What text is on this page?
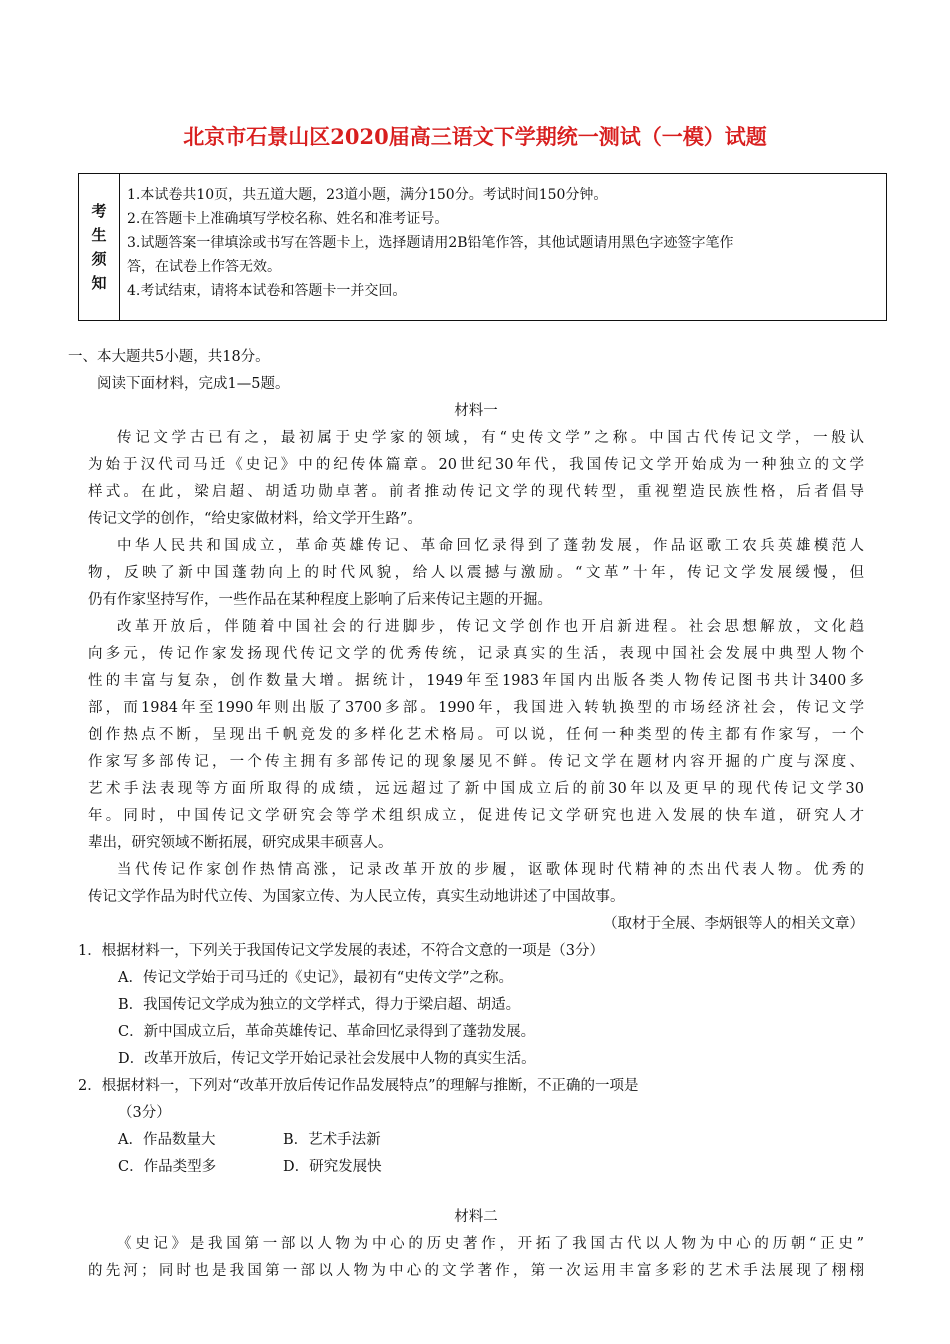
北京市石景山区2020届高三语文下学期统一测试（一模）试题
考
生
须
知
1.本试卷共10页，共五道大题，23道小题，满分150分。考试时间150分钟。
2.在答题卡上准确填写学校名称、姓名和准考证号。
3.试题答案一律填涂或书写在答题卡上，选择题请用2B铅笔作答，其他试题请用黑色字迹签字笔作
答，在试卷上作答无效。
4.考试结束，请将本试卷和答题卡一并交回。
一、本大题共5小题，共18分。
阅读下面材料，完成1—5题。
材料一
传记文学古已有之，最初属于史学家的领域，有“史传文学”之称。中国古代传记文学，一般认
为始于汉代司马迁《史记》中的纪传体篇章。20世纪30年代，我国传记文学开始成为一种独立的文学
样式。在此，梁启超、胡适功勋卓著。前者推动传记文学的现代转型，重视塑造民族性格，后者倡导
传记文学的创作，“给史家做材料，给文学开生路”。
中华人民共和国成立，革命英雄传记、革命回忆录得到了蓬勃发展，作品讴歌工农兵英雄模范人
物，反映了新中国蓬勃向上的时代风貌，给人以震撼与激励。“文革”十年，传记文学发展缓慢，但
仍有作家坚持写作，一些作品在某种程度上影响了后来传记主题的开掘。
改革开放后，伴随着中国社会的行进脚步，传记文学创作也开启新进程。社会思想解放，文化趋
向多元，传记作家发扬现代传记文学的优秀传统，记录真实的生活，表现中国社会发展中典型人物个
性的丰富与复杂，创作数量大增。据统计，1949年至1983年国内出版各类人物传记图书共计3400多
部，而1984年至1990年则出版了3700多部。1990年，我国进入转轨换型的市场经济社会，传记文学
创作热点不断，呈现出千帆竞发的多样化艺术格局。可以说，任何一种类型的传主都有作家写，一个
作家写多部传记，一个传主拥有多部传记的现象屡见不鲜。传记文学在题材内容开掘的广度与深度、
艺术手法表现等方面所取得的成绩，远远超过了新中国成立后的前30年以及更早的现代传记文学30
年。同时，中国传记文学研究会等学术组织成立，促进传记文学研究也进入发展的快车道，研究人才
辈出，研究领域不断拓展，研究成果丰硕喜人。
当代传记作家创作热情高涨，记录改革开放的步履，讴歌体现时代精神的杰出代表人物。优秀的
传记文学作品为时代立传、为国家立传、为人民立传，真实生动地讲述了中国故事。
（取材于全展、李炳银等人的相关文章）
1．根据材料一，下列关于我国传记文学发展的表述，不符合文意的一项是（3分）
A．传记文学始于司马迁的《史记》，最初有“史传文学”之称。
B．我国传记文学成为独立的文学样式，得力于梁启超、胡适。
C．新中国成立后，革命英雄传记、革命回忆录得到了蓬勃发展。
D．改革开放后，传记文学开始记录社会发展中人物的真实生活。
2．根据材料一，下列对“改革开放后传记作品发展特点”的理解与推断，不正确的一项是
（3分）
A．作品数量大	B．艺术手法新
C．作品类型多	D．研究发展快
材料二
《史记》是我国第一部以人物为中心的历史著作，开拓了我国古代以人物为中心的历朝“正史”
的先河；同时也是我国第一部以人物为中心的文学著作，第一次运用丰富多彩的艺术手法展现了栩栩
